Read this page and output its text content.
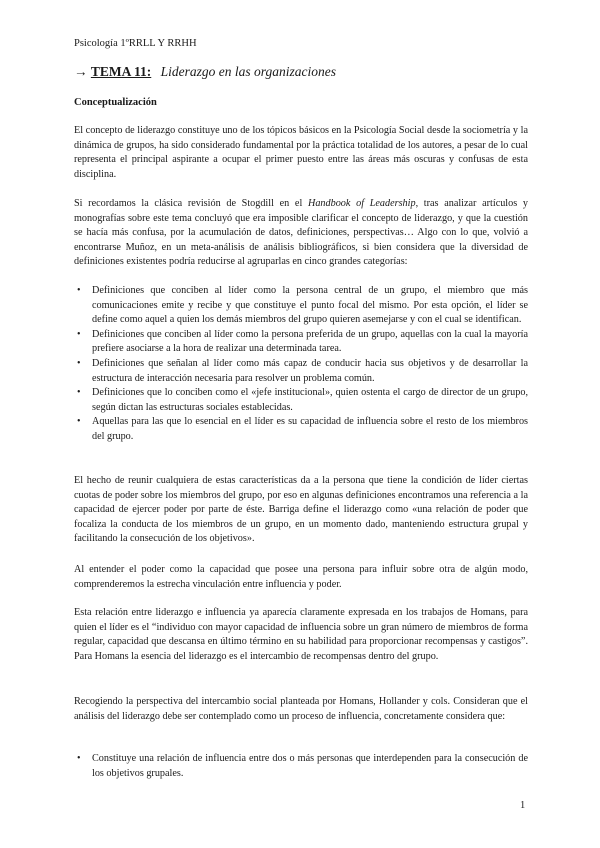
Psicología 1ºRRLL Y RRHH
→ TEMA 11: Liderazgo en las organizaciones
Conceptualización

El concepto de liderazgo constituye uno de los tópicos básicos en la Psicología Social desde la sociometría y la dinámica de grupos, ha sido considerado fundamental por la práctica totalidad de los autores, a pesar de lo cual representa el principal aspirante a ocupar el primer puesto entre las áreas más oscuras y confusas de esta disciplina.

Si recordamos la clásica revisión de Stogdill en el Handbook of Leadership, tras analizar artículos y monografías sobre este tema concluyó que era imposible clarificar el concepto de liderazgo, y que la cuestión se hacía más confusa, por la acumulación de datos, definiciones, perspectivas… Algo con lo que, volvió a encontrarse Muñoz, en un meta-análisis de análisis bibliográficos, si bien considera que la diversidad de definiciones existentes podría reducirse al agruparlas en cinco grandes categorías:

• Definiciones que conciben al líder como la persona central de un grupo, el miembro que más comunicaciones emite y recibe y que constituye el punto focal del mismo. Por esta opción, el líder se define como aquel a quien los demás miembros del grupo quieren asemejarse y con el cual se identifican.
• Definiciones que conciben al líder como la persona preferida de un grupo, aquellas con la cual la mayoría prefiere asociarse a la hora de realizar una determinada tarea.
• Definiciones que señalan al líder como más capaz de conducir hacia sus objetivos y de desarrollar la estructura de interacción necesaria para resolver un problema común.
• Definiciones que lo conciben como el «jefe institucional», quien ostenta el cargo de director de un grupo, según dictan las estructuras sociales establecidas.
• Aquellas para las que lo esencial en el líder es su capacidad de influencia sobre el resto de los miembros del grupo.

El hecho de reunir cualquiera de estas características da a la persona que tiene la condición de líder ciertas cuotas de poder sobre los miembros del grupo, por eso en algunas definiciones encontramos una referencia a la capacidad de ejercer poder por parte de éste. Barriga define el liderazgo como «una relación de poder que focaliza la conducta de los miembros de un grupo, en un momento dado, manteniendo estructura grupal y facilitando la consecución de los objetivos».

Al entender el poder como la capacidad que posee una persona para influir sobre otra de algún modo, comprenderemos la estrecha vinculación entre influencia y poder.

Esta relación entre liderazgo e influencia ya aparecía claramente expresada en los trabajos de Homans, para quien el líder es el “individuo con mayor capacidad de influencia sobre un gran número de miembros de forma regular, capacidad que descansa en último término en su habilidad para proporcionar recompensas y castigos”. Para Homans la esencia del liderazgo es el intercambio de recompensas dentro del grupo.

Recogiendo la perspectiva del intercambio social planteada por Homans, Hollander y cols. Consideran que el análisis del liderazgo debe ser contemplado como un proceso de influencia, concretamente considera que:

• Constituye una relación de influencia entre dos o más personas que interdependen para la consecución de los objetivos grupales.
1
